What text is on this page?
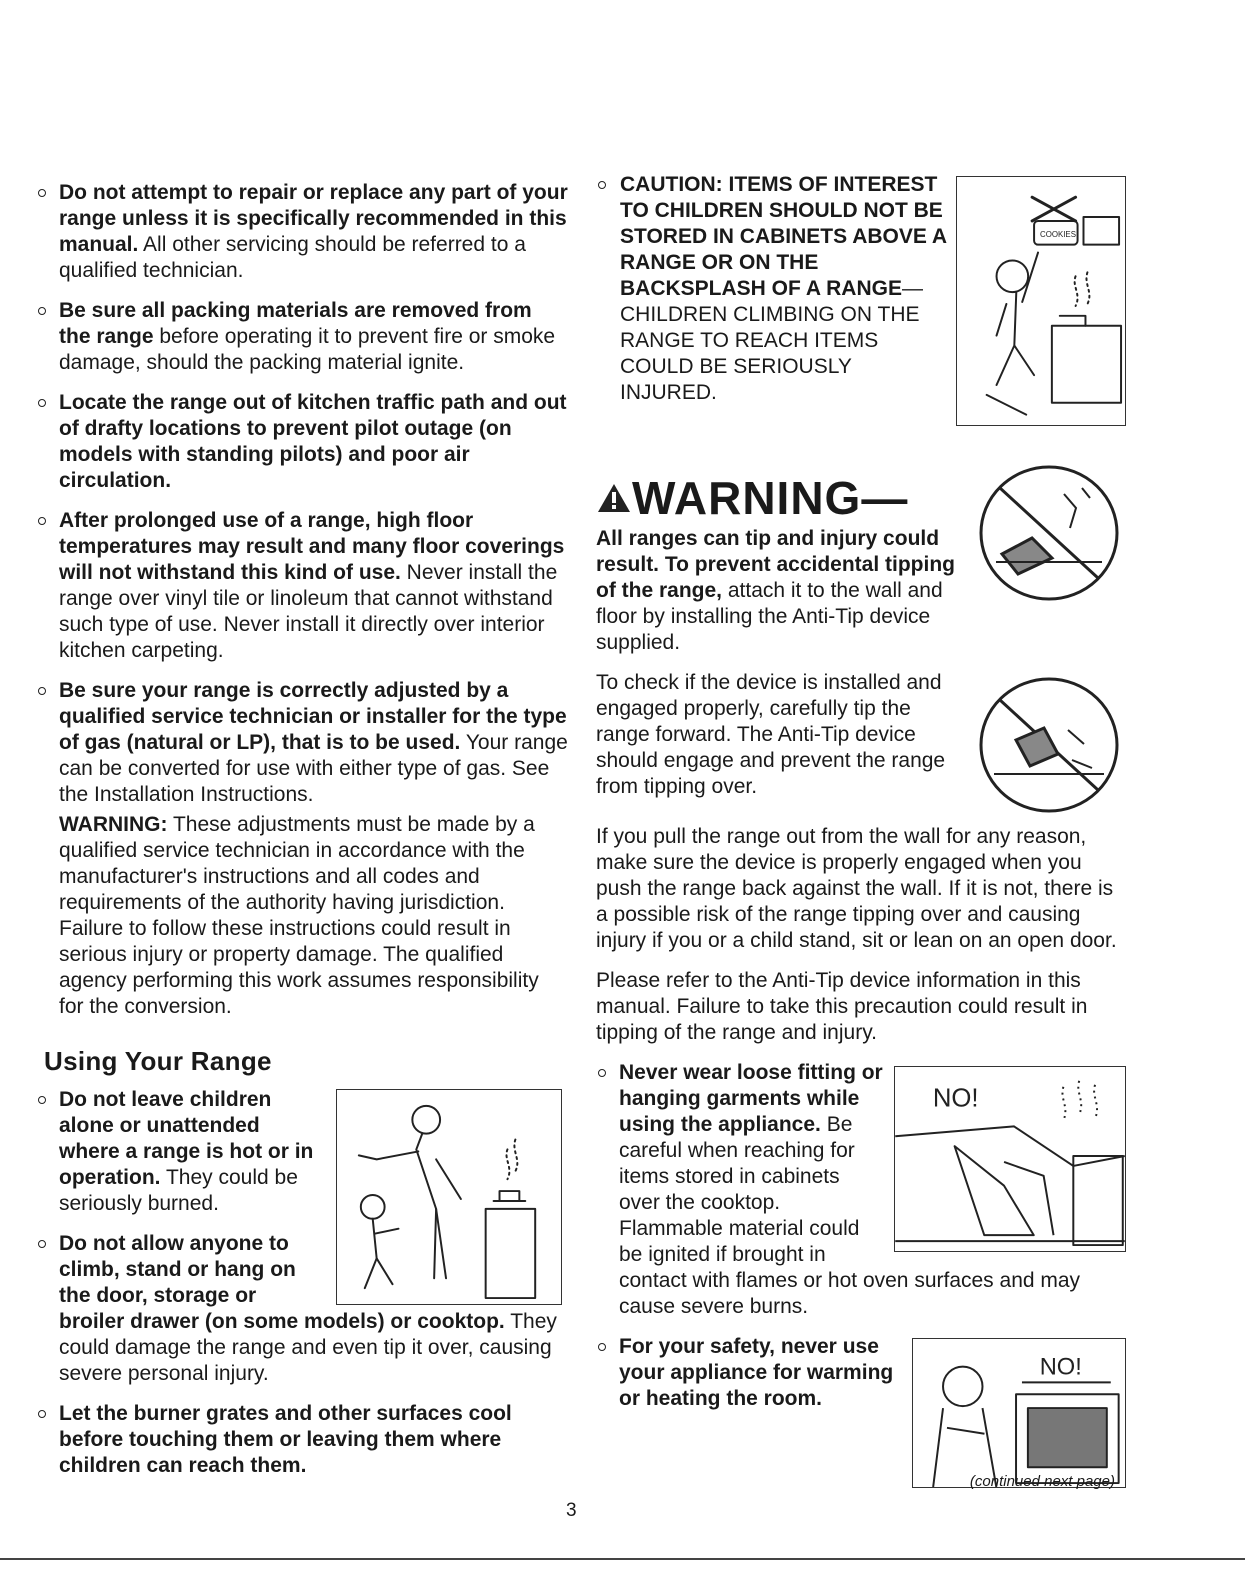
Do not attempt to repair or replace any part of your range unless it is specifically recommended in this manual. All other servicing should be referred to a qualified technician.
Be sure all packing materials are removed from the range before operating it to prevent fire or smoke damage, should the packing material ignite.
Locate the range out of kitchen traffic path and out of drafty locations to prevent pilot outage (on models with standing pilots) and poor air circulation.
After prolonged use of a range, high floor temperatures may result and many floor coverings will not withstand this kind of use. Never install the range over vinyl tile or linoleum that cannot withstand such type of use. Never install it directly over interior kitchen carpeting.
Be sure your range is correctly adjusted by a qualified service technician or installer for the type of gas (natural or LP), that is to be used. Your range can be converted for use with either type of gas. See the Installation Instructions.
WARNING: These adjustments must be made by a qualified service technician in accordance with the manufacturer's instructions and all codes and requirements of the authority having jurisdiction. Failure to follow these instructions could result in serious injury or property damage. The qualified agency performing this work assumes responsibility for the conversion.
Using Your Range
Do not leave children alone or unattended where a range is hot or in operation. They could be seriously burned.
Do not allow anyone to climb, stand or hang on the door, storage or broiler drawer (on some models) or cooktop. They could damage the range and even tip it over, causing severe personal injury.
Let the burner grates and other surfaces cool before touching them or leaving them where children can reach them.
COOKIES
CAUTION: ITEMS OF INTEREST TO CHILDREN SHOULD NOT BE STORED IN CABINETS ABOVE A RANGE OR ON THE BACKSPLASH OF A RANGE—CHILDREN CLIMBING ON THE RANGE TO REACH ITEMS COULD BE SERIOUSLY INJURED.
WARNING—

All ranges can tip and injury could result. To prevent accidental tipping of the range, attach it to the wall and floor by installing the Anti-Tip device supplied.

To check if the device is installed and engaged properly, carefully tip the range forward. The Anti-Tip device should engage and prevent the range from tipping over.

If you pull the range out from the wall for any reason, make sure the device is properly engaged when you push the range back against the wall. If it is not, there is a possible risk of the range tipping over and causing injury if you or a child stand, sit or lean on an open door.

Please refer to the Anti-Tip device information in this manual. Failure to take this precaution could result in tipping of the range and injury.

NO!
Never wear loose fitting or hanging garments while using the appliance. Be careful when reaching for items stored in cabinets over the cooktop. Flammable material could be ignited if brought in contact with flames or hot oven surfaces and may cause severe burns.
NO!
For your safety, never use your appliance for warming or heating the room.
(continued next page)
3
